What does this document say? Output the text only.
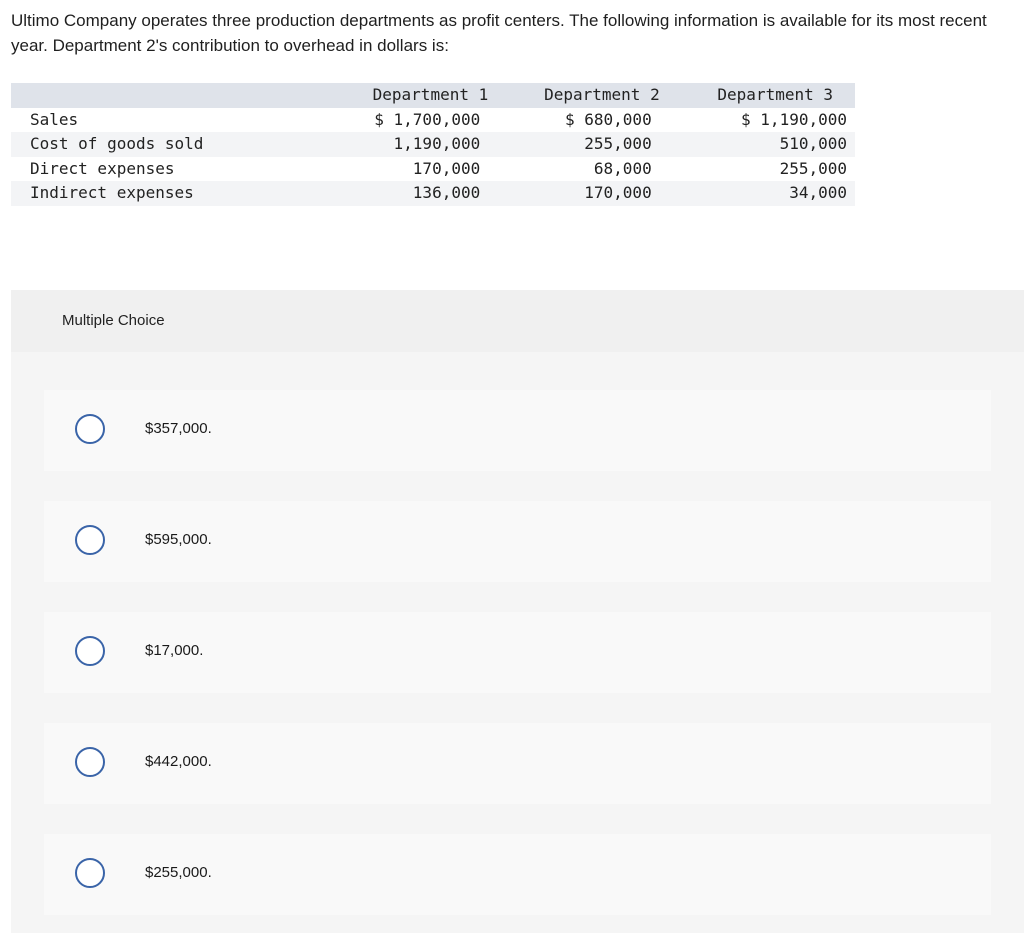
Ultimo Company operates three production departments as profit centers. The following information is available for its most recent year. Department 2's contribution to overhead in dollars is:

	Department 1	Department 2	Department 3
Sales	$ 1,700,000	$ 680,000	$ 1,190,000
Cost of goods sold	1,190,000	255,000	510,000
Direct expenses	170,000	68,000	255,000
Indirect expenses	136,000	170,000	34,000
Multiple Choice
$357,000.
$595,000.
$17,000.
$442,000.
$255,000.
